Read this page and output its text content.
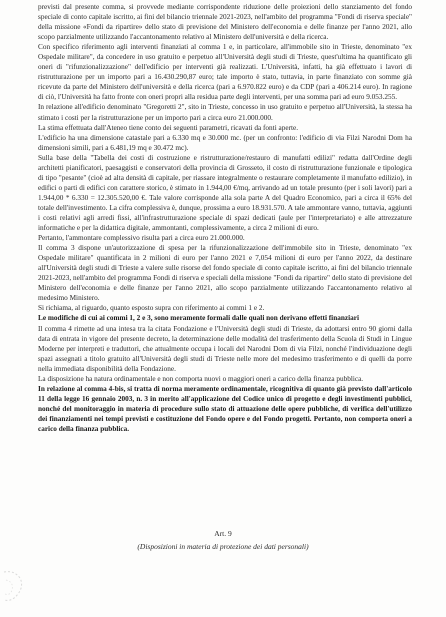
previsti dal presente comma, si provvede mediante corrispondente riduzione delle proiezioni dello stanziamento del fondo speciale di conto capitale iscritto, ai fini del bilancio triennale 2021-2023, nell'ambito del programma "Fondi di riserva speciale" della missione «Fondi da ripartire» dello stato di previsione del Ministero dell'economia e delle finanze per l'anno 2021, allo scopo parzialmente utilizzando l'accantonamento relativo al Ministero dell'università e della ricerca.

Con specifico riferimento agli interventi finanziati al comma 1 e, in particolare, all'immobile sito in Trieste, denominato "ex Ospedale militare", da concedere in uso gratuito e perpetuo all'Università degli studi di Trieste, quest'ultima ha quantificato gli oneri di "rifunzionalizzazione" dell'edificio per interventi già realizzati. L'Università, infatti, ha già effettuato i lavori di ristrutturazione per un importo pari a 16.430.290,87 euro; tale importo è stato, tuttavia, in parte finanziato con somme già ricevute da parte del Ministero dell'università e della ricerca (pari a 6.970.822 euro) e da CDP (pari a 406.214 euro). In ragione di ciò, l'Università ha fatto fronte con oneri propri alla residua parte degli interventi, per una somma pari ad euro 9.053.255.

In relazione all'edificio denominato "Gregoretti 2", sito in Trieste, concesso in uso gratuito e perpetuo all'Università, la stessa ha stimato i costi per la ristrutturazione per un importo pari a circa euro 21.000.000.

La stima effettuata dall'Ateneo tiene conto dei seguenti parametri, ricavati da fonti aperte.

L'edificio ha una dimensione catastale pari a 6.330 mq e 30.000 mc. (per un confronto: l'edificio di via Filzi Narodni Dom ha dimensioni simili, pari a 6.481,19 mq e 30.472 mc).

Sulla base della "Tabella dei costi di costruzione e ristrutturazione/restauro di manufatti edilizi" redatta dall'Ordine degli architetti pianificatori, paesaggisti e conservatori della provincia di Grosseto, il costo di ristrutturazione funzionale e tipologica di tipo "pesante" (cioè ad alta densità di capitale, per riassare integralmente o restaurare completamente il manufatto edilizio), in edifici o parti di edifici con carattere storico, è stimato in 1.944,00 €/mq, arrivando ad un totale presunto (per i soli lavori) pari a 1.944,00 * 6.330 = 12.305.520,00 €. Tale valore corrisponde alla sola parte A del Quadro Economico, pari a circa il 65% del totale dell'investimento. La cifra complessiva è, dunque, prossima a euro 18.931.570. A tale ammontare vanno, tuttavia, aggiunti i costi relativi agli arredi fissi, all'infrastrutturazione speciale di spazi dedicati (aule per l'interpretariato) e alle attrezzature informatiche e per la didattica digitale, ammontanti, complessivamente, a circa 2 milioni di euro.

Pertanto, l'ammontare complessivo risulta pari a circa euro 21.000.000.

Il comma 3 dispone un'autorizzazione di spesa per la rifunzionalizzazione dell'immobile sito in Trieste, denominato "ex Ospedale militare" quantificata in 2 milioni di euro per l'anno 2021 e 7,054 milioni di euro per l'anno 2022, da destinare all'Università degli studi di Trieste a valere sulle risorse del fondo speciale di conto capitale iscritto, ai fini del bilancio triennale 2021-2023, nell'ambito del programma Fondi di riserva e speciali della missione "Fondi da ripartire" dello stato di previsione del Ministero dell'economia e delle finanze per l'anno 2021, allo scopo parzialmente utilizzando l'accantonamento relativo al medesimo Ministero.

Si richiama, al riguardo, quanto esposto supra con riferimento ai commi 1 e 2.

Le modifiche di cui ai commi 1, 2 e 3, sono meramente formali dalle quali non derivano effetti finanziari

Il comma 4 rimette ad una intesa tra la citata Fondazione e l'Università degli studi di Trieste, da adottarsi entro 90 giorni dalla data di entrata in vigore del presente decreto, la determinazione delle modalità del trasferimento della Scuola di Studi in Lingue Moderne per interpreti e traduttori, che attualmente occupa i locali del Narodni Dom di via Filzi, nonché l'individuazione degli spazi assegnati a titolo gratuito all'Università degli studi di Trieste nelle more del medesimo trasferimento e di quelli da porre nella immediata disponibilità della Fondazione.

La disposizione ha natura ordinamentale e non comporta nuovi o maggiori oneri a carico della finanza pubblica.

In relazione al comma 4-bis, si tratta di norma meramente ordinamentale, ricognitiva di quanto già previsto dall'articolo 11 della legge 16 gennaio 2003, n. 3 in merito all'applicazione del Codice unico di progetto e degli investimenti pubblici, nonché del monitoraggio in materia di procedure sullo stato di attuazione delle opere pubbliche, di verifica dell'utilizzo dei finanziamenti nei tempi previsti e costituzione del Fondo opere e del Fondo progetti. Pertanto, non comporta oneri a carico della finanza pubblica.

Art. 9
(Disposizioni in materia di protezione dei dati personali)
